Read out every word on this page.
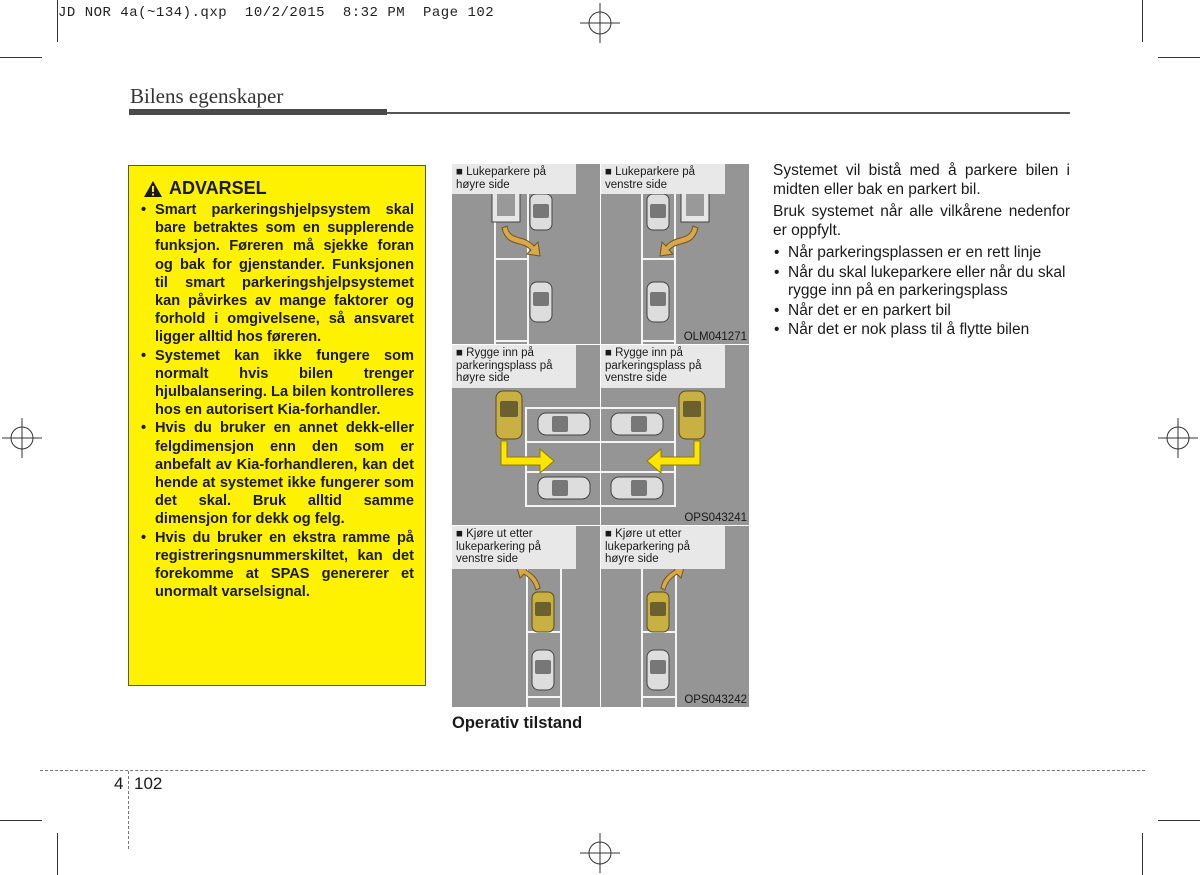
JD NOR 4a(~134).qxp  10/2/2015  8:32 PM  Page 102
Bilens egenskaper
ADVARSEL
• Smart parkeringshjelpsystem skal bare betraktes som en supplerende funksjon. Føreren må sjekke foran og bak for gjenstander. Funksjonen til smart parkeringshjelpsystemet kan påvirkes av mange faktorer og forhold i omgivelsene, så ansvaret ligger alltid hos føreren.
• Systemet kan ikke fungere som normalt hvis bilen trenger hjulbalansering. La bilen kontrolleres hos en autorisert Kia-forhandler.
• Hvis du bruker en annet dekk-eller felgdimensjon enn den som er anbefalt av Kia-forhandleren, kan det hende at systemet ikke fungerer som det skal. Bruk alltid samme dimensjon for dekk og felg.
• Hvis du bruker en ekstra ramme på registreringsnummerskiltet, kan det forekomme at SPAS genererer et unormalt varselsignal.
■ Lukeparkere på høyre side
■ Lukeparkere på venstre side
OLM041271
■ Rygge inn på parkeringsplass på høyre side
■ Rygge inn på parkeringsplass på venstre side
OPS043241
■ Kjøre ut etter lukeparkering på venstre side
■ Kjøre ut etter lukeparkering på høyre side
OPS043242
Operativ tilstand

Systemet vil bistå med å parkere bilen i midten eller bak en parkert bil.

Bruk systemet når alle vilkårene nedenfor er oppfylt.

• Når parkeringsplassen er en rett linje
• Når du skal lukeparkere eller når du skal rygge inn på en parkeringsplass
• Når det er en parkert bil
• Når det er nok plass til å flytte bilen
4 102
